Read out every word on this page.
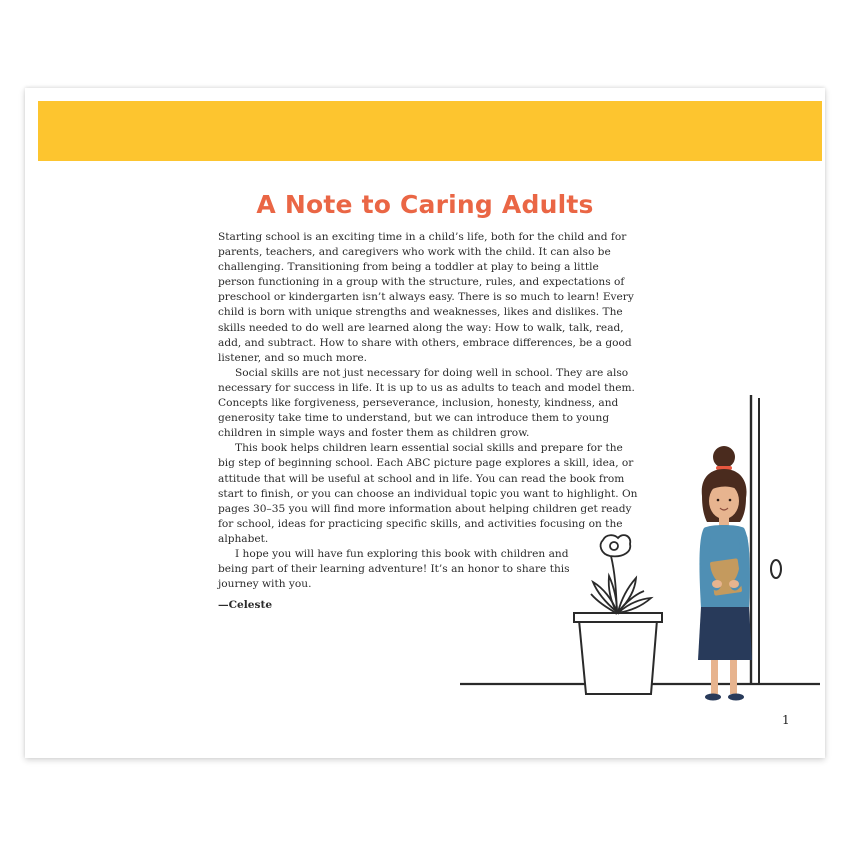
A Note to Caring Adults

Starting school is an exciting time in a child’s life, both for the child and for parents, teachers, and caregivers who work with the child. It can also be challenging. Transitioning from being a toddler at play to being a little person functioning in a group with the structure, rules, and expectations of preschool or kindergarten isn’t always easy. There is so much to learn! Every child is born with unique strengths and weaknesses, likes and dislikes. The skills needed to do well are learned along the way: How to walk, talk, read, add, and subtract. How to share with others, embrace differences, be a good listener, and so much more.

Social skills are not just necessary for doing well in school. They are also necessary for success in life. It is up to us as adults to teach and model them. Concepts like forgiveness, perseverance, inclusion, honesty, kindness, and generosity take time to understand, but we can introduce them to young children in simple ways and foster them as children grow.

This book helps children learn essential social skills and prepare for the big step of beginning school. Each ABC picture page explores a skill, idea, or attitude that will be useful at school and in life. You can read the book from start to finish, or you can choose an individual topic you want to highlight. On pages 30–35 you will find more information about helping children get ready for school, ideas for practicing specific skills, and activities focusing on the alphabet.

I hope you will have fun exploring this book with children and

being part of their learning adventure! It’s an honor to share this

journey with you.

—Celeste

1
